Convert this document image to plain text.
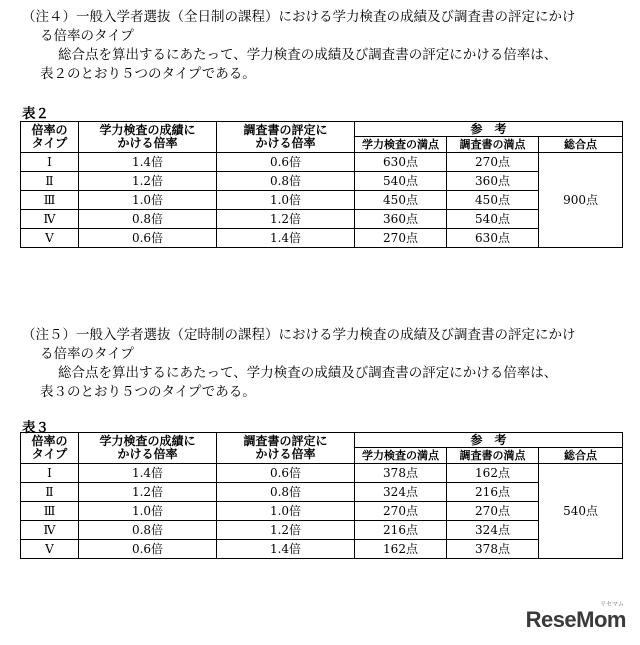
（注４）一般入学者選抜（全日制の課程）における学力検査の成績及び調査書の評定にかけ
る倍率のタイプ
総合点を算出するにあたって、学力検査の成績及び調査書の評定にかける倍率は、
表２のとおり５つのタイプである。
表２
倍率の
タイプ	学力検査の成績に
かける倍率	調査書の評定に
かける倍率	参　考		
			学力検査の満点	調査書の満点	総合点
Ⅰ	1.4倍	0.6倍	630点	270点	900点
Ⅱ	1.2倍	0.8倍	540点	360点	
Ⅲ	1.0倍	1.0倍	450点	450点	
Ⅳ	0.8倍	1.2倍	360点	540点	
Ⅴ	0.6倍	1.4倍	270点	630点	
（注５）一般入学者選抜（定時制の課程）における学力検査の成績及び調査書の評定にかけ
る倍率のタイプ
総合点を算出するにあたって、学力検査の成績及び調査書の評定にかける倍率は、
表３のとおり５つのタイプである。
表３
倍率の
タイプ	学力検査の成績に
かける倍率	調査書の評定に
かける倍率	参　考		
			学力検査の満点	調査書の満点	総合点
Ⅰ	1.4倍	0.6倍	378点	162点	540点
Ⅱ	1.2倍	0.8倍	324点	216点	
Ⅲ	1.0倍	1.0倍	270点	270点	
Ⅳ	0.8倍	1.2倍	216点	324点	
Ⅴ	0.6倍	1.4倍	162点	378点	
リセマム
ReseMom
